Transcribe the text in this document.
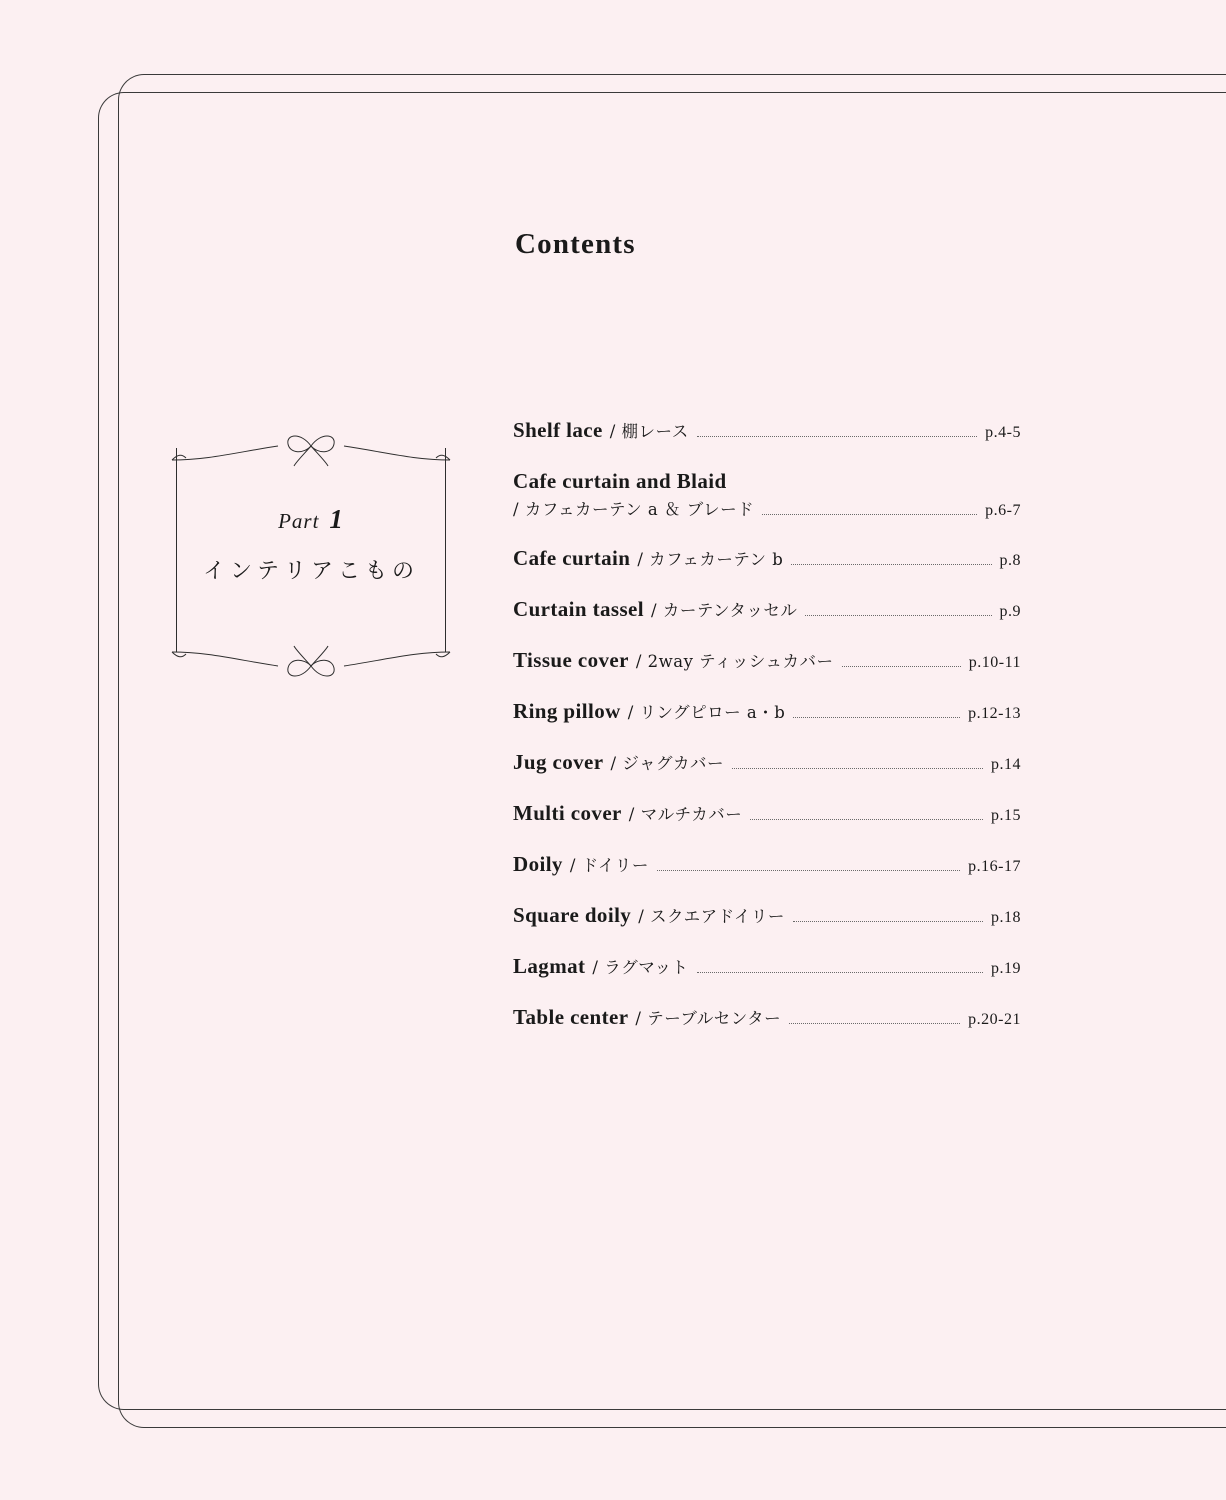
Contents
Part 1
インテリアこもの
Shelf lace / 棚レース	p.4-5
Cafe curtain and Blaid
/ カフェカーテン a ＆ ブレード	p.6-7
Cafe curtain / カフェカーテン b	p.8
Curtain tassel / カーテンタッセル	p.9
Tissue cover / 2way ティッシュカバー	p.10-11
Ring pillow / リングピロー a・b	p.12-13
Jug cover / ジャグカバー	p.14
Multi cover / マルチカバー	p.15
Doily / ドイリー	p.16-17
Square doily / スクエアドイリー	p.18
Lagmat / ラグマット	p.19
Table center / テーブルセンター	p.20-21
